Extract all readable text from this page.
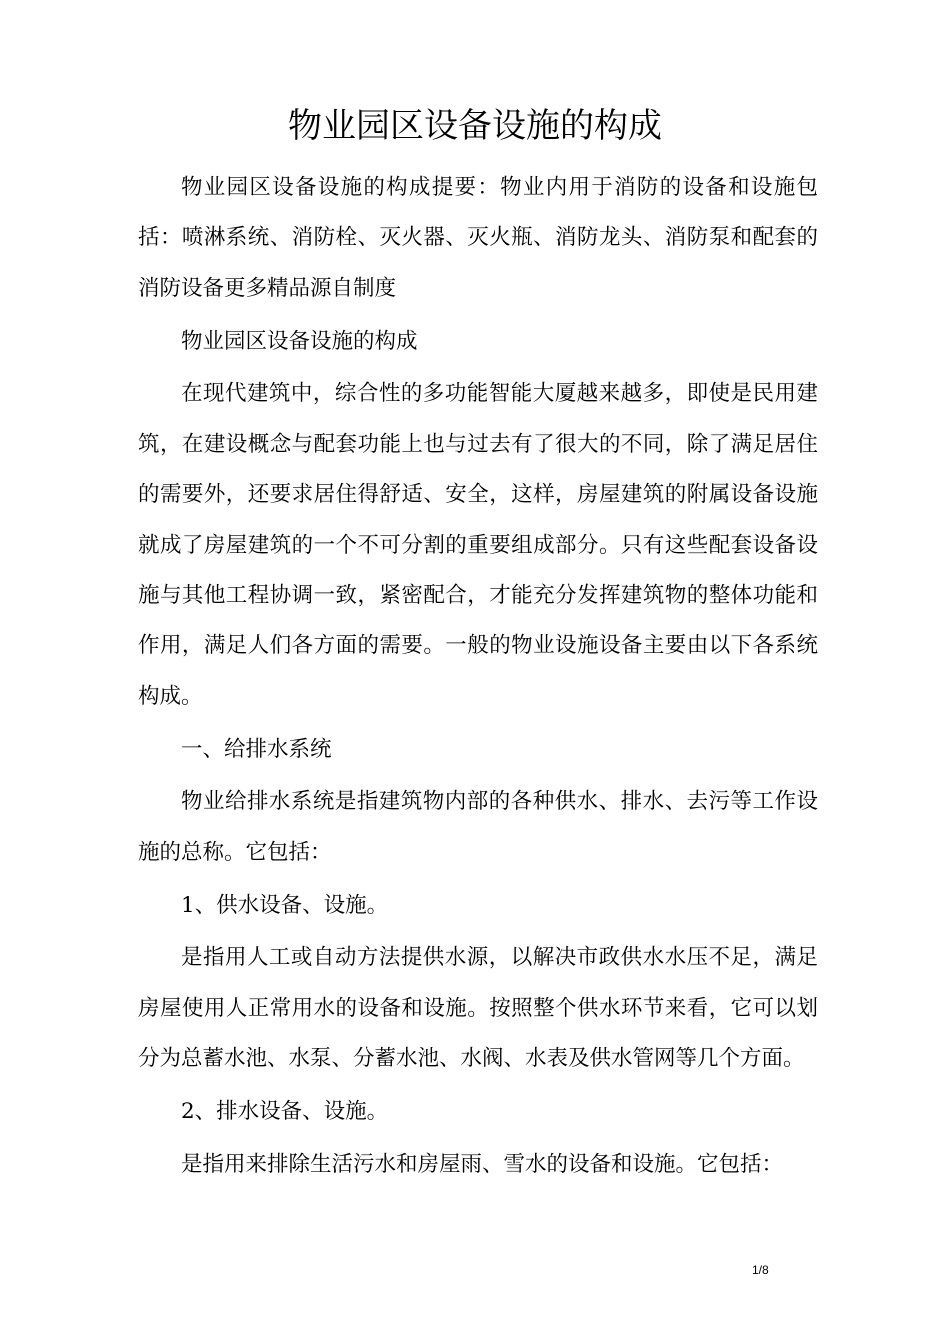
物业园区设备设施的构成

物业园区设备设施的构成提要：物业内用于消防的设备和设施包括：喷淋系统、消防栓、灭火器、灭火瓶、消防龙头、消防泵和配套的消防设备更多精品源自制度

物业园区设备设施的构成

在现代建筑中，综合性的多功能智能大厦越来越多，即使是民用建筑，在建设概念与配套功能上也与过去有了很大的不同，除了满足居住的需要外，还要求居住得舒适、安全，这样，房屋建筑的附属设备设施就成了房屋建筑的一个不可分割的重要组成部分。只有这些配套设备设施与其他工程协调一致，紧密配合，才能充分发挥建筑物的整体功能和作用，满足人们各方面的需要。一般的物业设施设备主要由以下各系统构成。

一、给排水系统

物业给排水系统是指建筑物内部的各种供水、排水、去污等工作设施的总称。它包括：

1、供水设备、设施。

是指用人工或自动方法提供水源，以解决市政供水水压不足，满足房屋使用人正常用水的设备和设施。按照整个供水环节来看，它可以划分为总蓄水池、水泵、分蓄水池、水阀、水表及供水管网等几个方面。

2、排水设备、设施。

是指用来排除生活污水和房屋雨、雪水的设备和设施。它包括：

1/8
